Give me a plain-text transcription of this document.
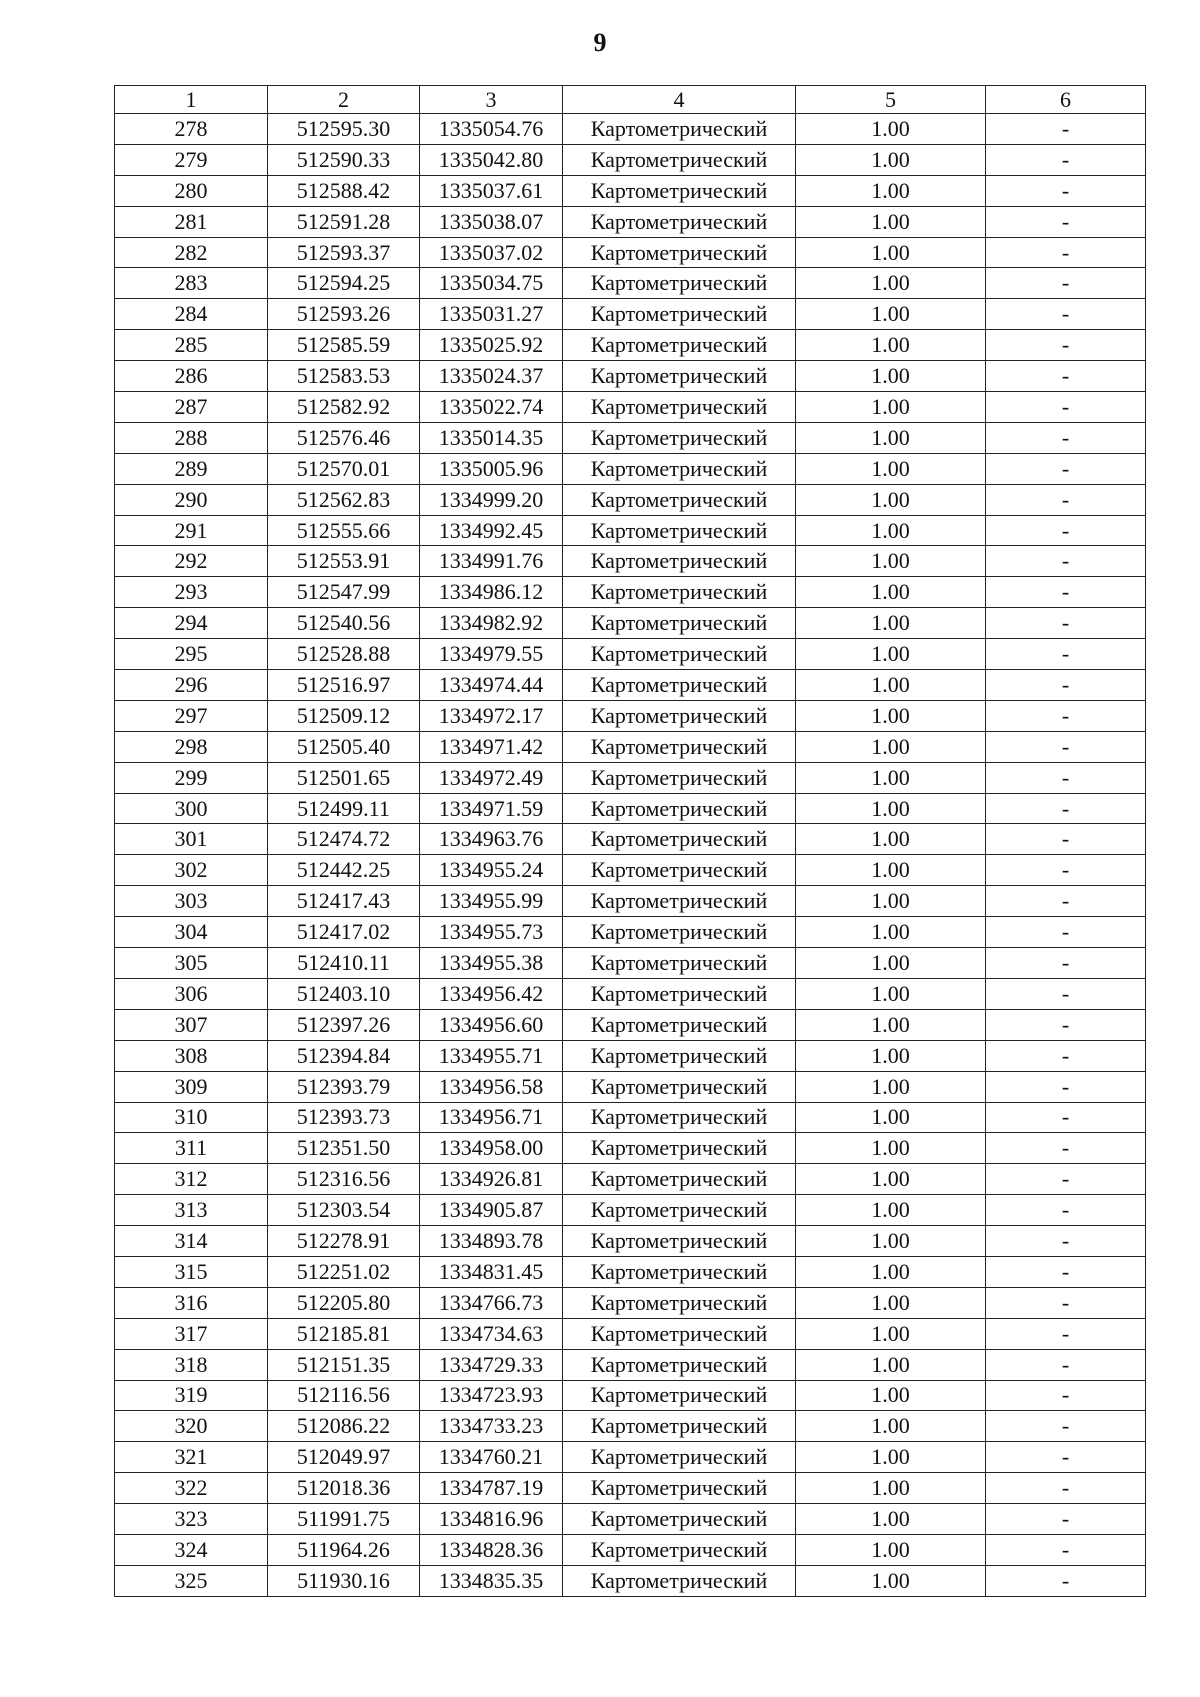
9
1	2	3	4	5	6
278	512595.30	1335054.76	Картометрический	1.00	-
279	512590.33	1335042.80	Картометрический	1.00	-
280	512588.42	1335037.61	Картометрический	1.00	-
281	512591.28	1335038.07	Картометрический	1.00	-
282	512593.37	1335037.02	Картометрический	1.00	-
283	512594.25	1335034.75	Картометрический	1.00	-
284	512593.26	1335031.27	Картометрический	1.00	-
285	512585.59	1335025.92	Картометрический	1.00	-
286	512583.53	1335024.37	Картометрический	1.00	-
287	512582.92	1335022.74	Картометрический	1.00	-
288	512576.46	1335014.35	Картометрический	1.00	-
289	512570.01	1335005.96	Картометрический	1.00	-
290	512562.83	1334999.20	Картометрический	1.00	-
291	512555.66	1334992.45	Картометрический	1.00	-
292	512553.91	1334991.76	Картометрический	1.00	-
293	512547.99	1334986.12	Картометрический	1.00	-
294	512540.56	1334982.92	Картометрический	1.00	-
295	512528.88	1334979.55	Картометрический	1.00	-
296	512516.97	1334974.44	Картометрический	1.00	-
297	512509.12	1334972.17	Картометрический	1.00	-
298	512505.40	1334971.42	Картометрический	1.00	-
299	512501.65	1334972.49	Картометрический	1.00	-
300	512499.11	1334971.59	Картометрический	1.00	-
301	512474.72	1334963.76	Картометрический	1.00	-
302	512442.25	1334955.24	Картометрический	1.00	-
303	512417.43	1334955.99	Картометрический	1.00	-
304	512417.02	1334955.73	Картометрический	1.00	-
305	512410.11	1334955.38	Картометрический	1.00	-
306	512403.10	1334956.42	Картометрический	1.00	-
307	512397.26	1334956.60	Картометрический	1.00	-
308	512394.84	1334955.71	Картометрический	1.00	-
309	512393.79	1334956.58	Картометрический	1.00	-
310	512393.73	1334956.71	Картометрический	1.00	-
311	512351.50	1334958.00	Картометрический	1.00	-
312	512316.56	1334926.81	Картометрический	1.00	-
313	512303.54	1334905.87	Картометрический	1.00	-
314	512278.91	1334893.78	Картометрический	1.00	-
315	512251.02	1334831.45	Картометрический	1.00	-
316	512205.80	1334766.73	Картометрический	1.00	-
317	512185.81	1334734.63	Картометрический	1.00	-
318	512151.35	1334729.33	Картометрический	1.00	-
319	512116.56	1334723.93	Картометрический	1.00	-
320	512086.22	1334733.23	Картометрический	1.00	-
321	512049.97	1334760.21	Картометрический	1.00	-
322	512018.36	1334787.19	Картометрический	1.00	-
323	511991.75	1334816.96	Картометрический	1.00	-
324	511964.26	1334828.36	Картометрический	1.00	-
325	511930.16	1334835.35	Картометрический	1.00	-
